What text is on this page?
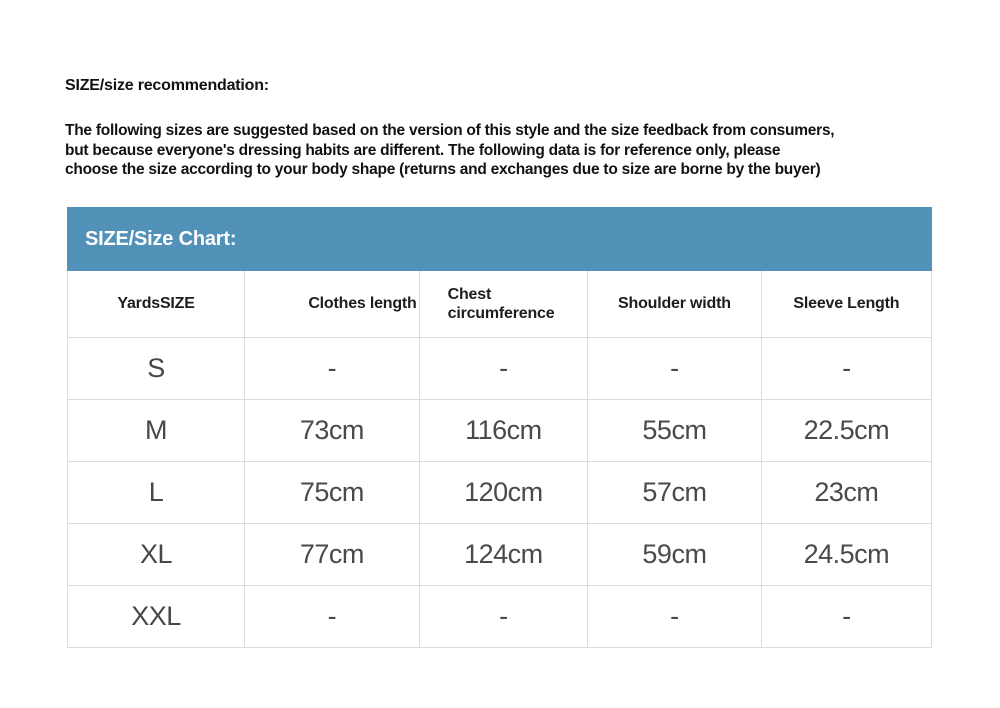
SIZE/size recommendation:
The following sizes are suggested based on the version of this style and the size feedback from consumers,
but because everyone's dressing habits are different. The following data is for reference only, please
choose the size according to your body shape (returns and exchanges due to size are borne by the buyer)
SIZE/Size Chart:
YardsSIZE	Clothes length	Chest circumference	Shoulder width	Sleeve Length
S	-	-	-	-
M	73cm	116cm	55cm	22.5cm
L	75cm	120cm	57cm	23cm
XL	77cm	124cm	59cm	24.5cm
XXL	-	-	-	-
